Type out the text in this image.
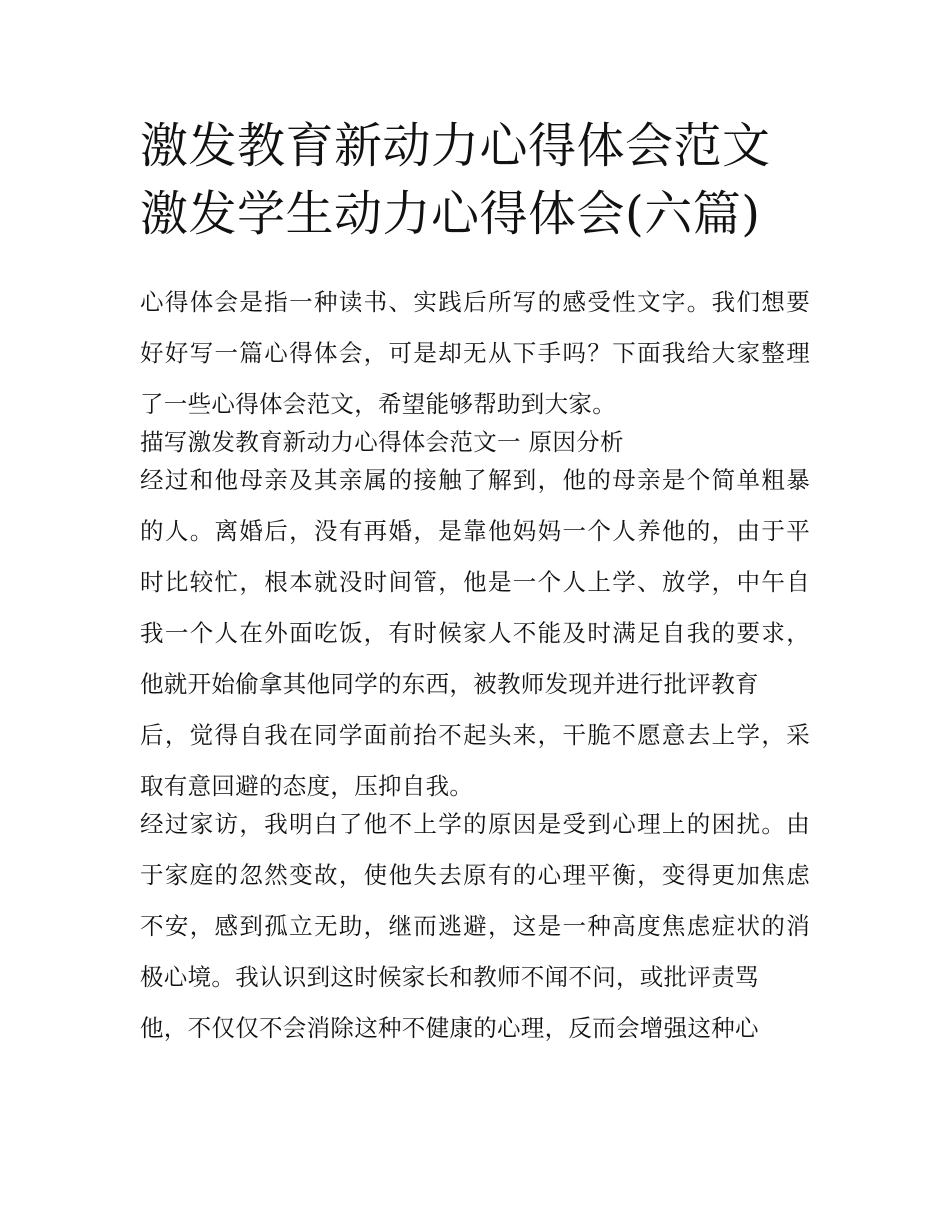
激发教育新动力心得体会范文
激发学生动力心得体会(六篇)
心得体会是指一种读书、实践后所写的感受性文字。我们想要
好好写一篇心得体会，可是却无从下手吗？下面我给大家整理
了一些心得体会范文，希望能够帮助到大家。
描写激发教育新动力心得体会范文一 原因分析
经过和他母亲及其亲属的接触了解到，他的母亲是个简单粗暴
的人。离婚后，没有再婚，是靠他妈妈一个人养他的，由于平
时比较忙，根本就没时间管，他是一个人上学、放学，中午自
我一个人在外面吃饭，有时候家人不能及时满足自我的要求，
他就开始偷拿其他同学的东西，被教师发现并进行批评教育
后，觉得自我在同学面前抬不起头来，干脆不愿意去上学，采
取有意回避的态度，压抑自我。
经过家访，我明白了他不上学的原因是受到心理上的困扰。由
于家庭的忽然变故，使他失去原有的心理平衡，变得更加焦虑
不安，感到孤立无助，继而逃避，这是一种高度焦虑症状的消
极心境。我认识到这时候家长和教师不闻不问，或批评责骂
他，不仅仅不会消除这种不健康的心理，反而会增强这种心
